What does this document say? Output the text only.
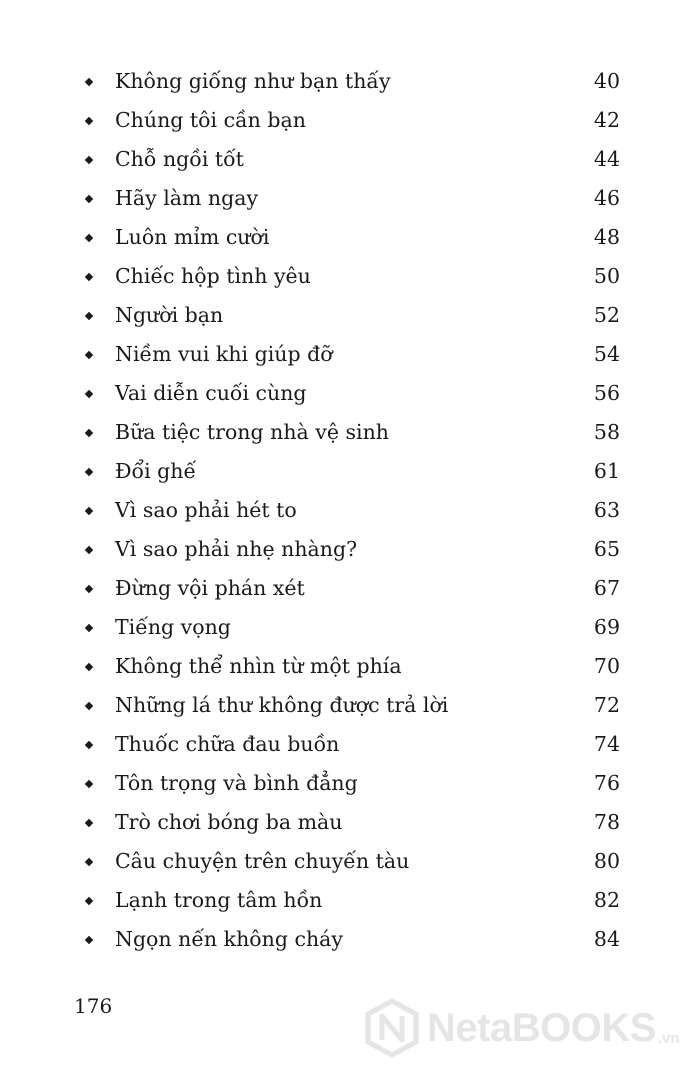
Không giống như bạn thấy	40
Chúng tôi cần bạn	42
Chỗ ngồi tốt	44
Hãy làm ngay	46
Luôn mỉm cười	48
Chiếc hộp tình yêu	50
Người bạn	52
Niềm vui khi giúp đỡ	54
Vai diễn cuối cùng	56
Bữa tiệc trong nhà vệ sinh	58
Đổi ghế	61
Vì sao phải hét to	63
Vì sao phải nhẹ nhàng?	65
Đừng vội phán xét	67
Tiếng vọng	69
Không thể nhìn từ một phía	70
Những lá thư không được trả lời	72
Thuốc chữa đau buồn	74
Tôn trọng và bình đẳng	76
Trò chơi bóng ba màu	78
Câu chuyện trên chuyến tàu	80
Lạnh trong tâm hồn	82
Ngọn nến không cháy	84
176	NetaBOOKS .vn
